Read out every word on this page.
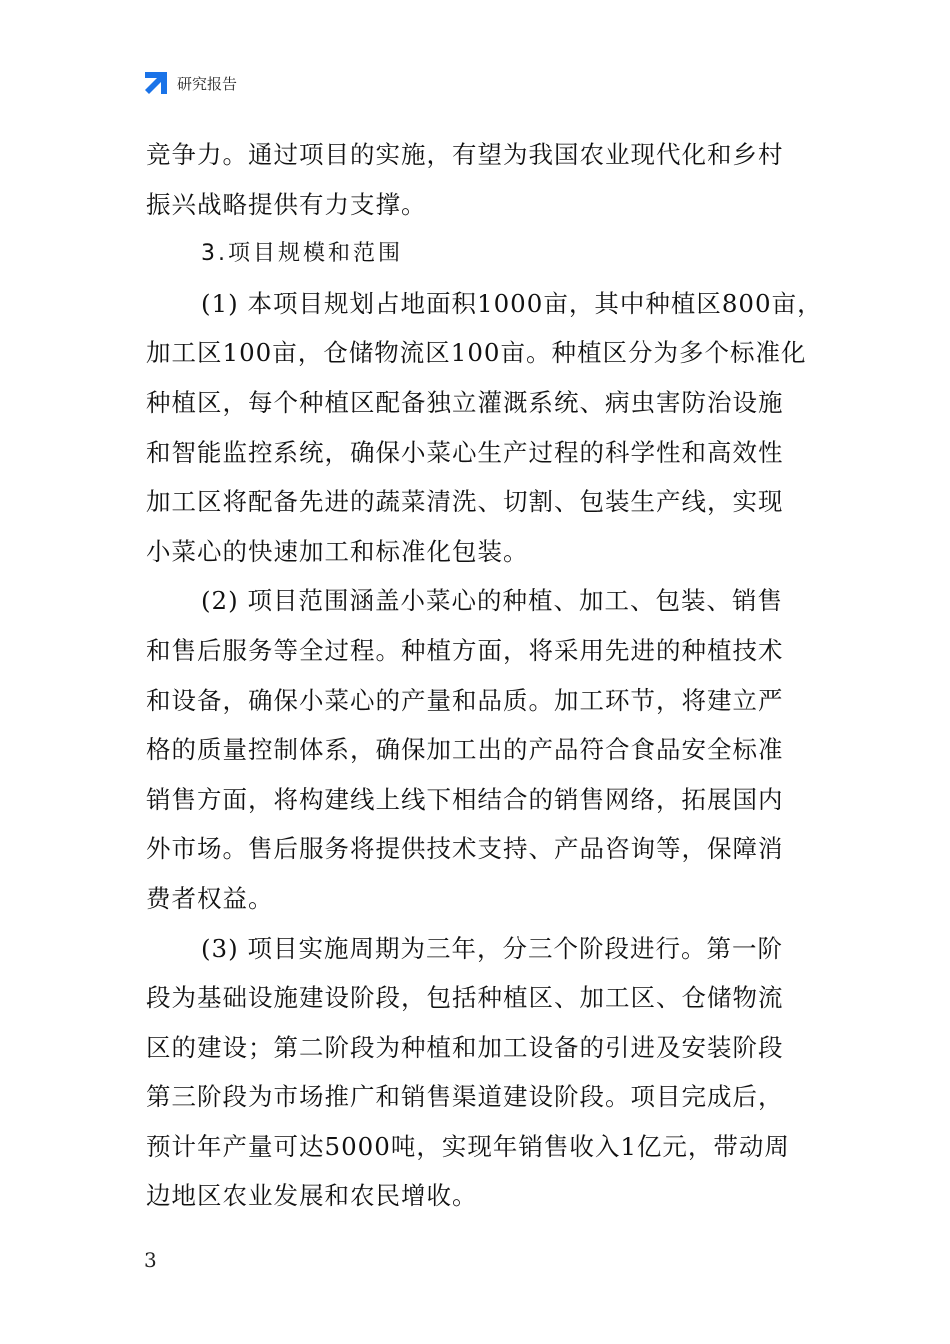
研究报告
竞争力。通过项目的实施，有望为我国农业现代化和乡村
振兴战略提供有力支撑。
3.项目规模和范围
(1) 本项目规划占地面积1000亩，其中种植区800亩，
加工区100亩，仓储物流区100亩。种植区分为多个标准化
种植区，每个种植区配备独立灌溉系统、病虫害防治设施
和智能监控系统，确保小菜心生产过程的科学性和高效性
加工区将配备先进的蔬菜清洗、切割、包装生产线，实现
小菜心的快速加工和标准化包装。
(2) 项目范围涵盖小菜心的种植、加工、包装、销售
和售后服务等全过程。种植方面，将采用先进的种植技术
和设备，确保小菜心的产量和品质。加工环节，将建立严
格的质量控制体系，确保加工出的产品符合食品安全标准
销售方面，将构建线上线下相结合的销售网络，拓展国内
外市场。售后服务将提供技术支持、产品咨询等，保障消
费者权益。
(3) 项目实施周期为三年，分三个阶段进行。第一阶
段为基础设施建设阶段，包括种植区、加工区、仓储物流
区的建设；第二阶段为种植和加工设备的引进及安装阶段
第三阶段为市场推广和销售渠道建设阶段。项目完成后，
预计年产量可达5000吨，实现年销售收入1亿元，带动周
边地区农业发展和农民增收。
3
